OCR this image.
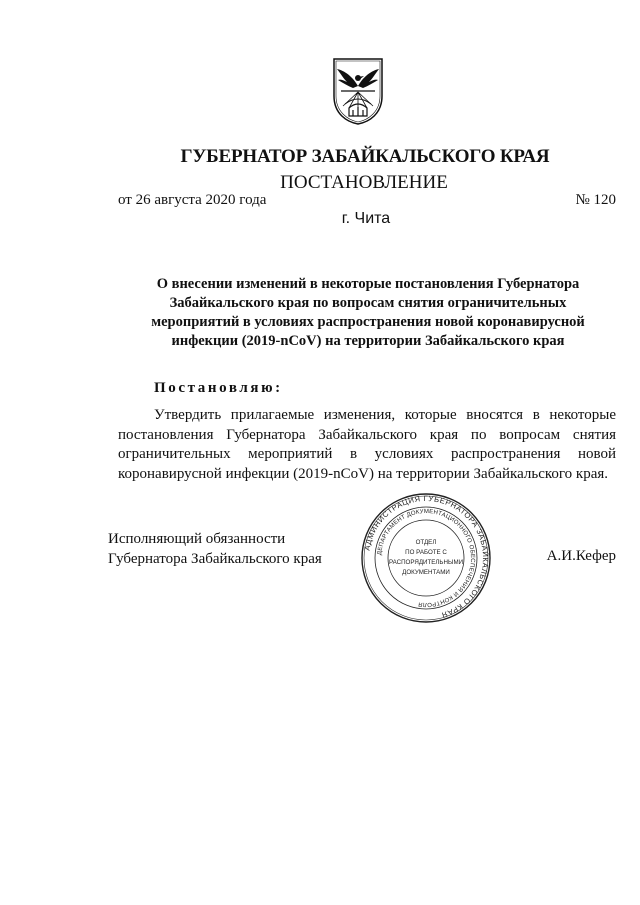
ГУБЕРНАТОР ЗАБАЙКАЛЬСКОГО КРАЯ
ПОСТАНОВЛЕНИЕ
от 26 августа 2020 года	№ 120
г. Чита
О внесении изменений в некоторые постановления Губернатора
Забайкальского края по вопросам снятия ограничительных
мероприятий в условиях распространения новой коронавирусной
инфекции (2019-nCoV) на территории Забайкальского края
Постановляю:
Утвердить прилагаемые изменения, которые вносятся в некоторые
постановления Губернатора Забайкальского края по вопросам снятия
ограничительных мероприятий в условиях распространения новой
коронавирусной инфекции (2019-nCoV) на территории Забайкальского края.
Исполняющий обязанности
Губернатора Забайкальского края	А.И.Кефер
АДМИНИСТРАЦИЯ ГУБЕРНАТОРА ЗАБАЙКАЛЬСКОГО КРАЯ
ДЕПАРТАМЕНТ ДОКУМЕНТАЦИОННОГО ОБЕСПЕЧЕНИЯ И КОНТРОЛЯ
ОТДЕЛ
ПО РАБОТЕ С
РАСПОРЯДИТЕЛЬНЫМИ
ДОКУМЕНТАМИ
